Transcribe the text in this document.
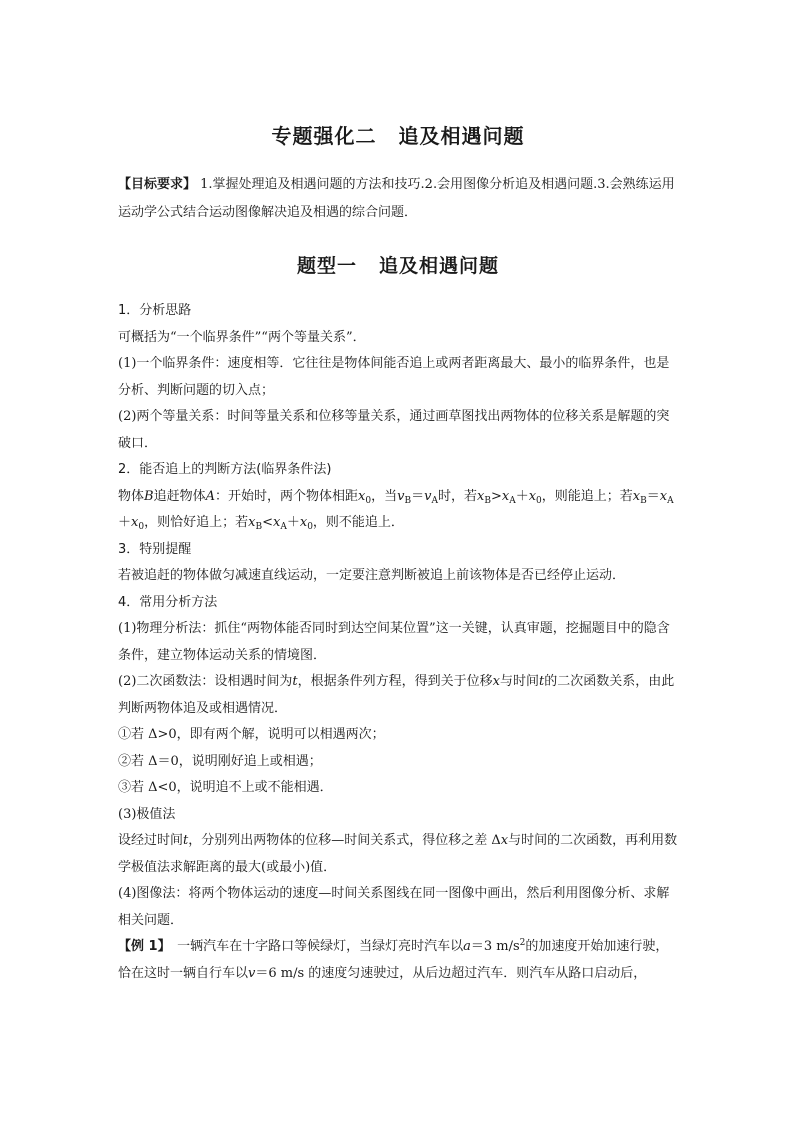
专题强化二 追及相遇问题

【目标要求】 1.掌握处理追及相遇问题的方法和技巧.2.会用图像分析追及相遇问题.3.会熟练运用运动学公式结合运动图像解决追及相遇的综合问题．

题型一 追及相遇问题

1．分析思路

可概括为“一个临界条件”“两个等量关系”．

(1)一个临界条件：速度相等．它往往是物体间能否追上或两者距离最大、最小的临界条件，也是分析、判断问题的切入点；

(2)两个等量关系：时间等量关系和位移等量关系，通过画草图找出两物体的位移关系是解题的突破口．

2．能否追上的判断方法(临界条件法)

物体B追赶物体A：开始时，两个物体相距$x_0$，当$v_B=v_A$时，若$x_B>x_A+x_0$，则能追上；若$x_B=x_A+x_0$，则恰好追上；若$x_B<x_A+x_0$，则不能追上．

3．特别提醒

若被追赶的物体做匀减速直线运动，一定要注意判断被追上前该物体是否已经停止运动．

4．常用分析方法

(1)物理分析法：抓住“两物体能否同时到达空间某位置”这一关键，认真审题，挖掘题目中的隐含条件，建立物体运动关系的情境图．

(2)二次函数法：设相遇时间为t，根据条件列方程，得到关于位移x与时间t的二次函数关系，由此判断两物体追及或相遇情况．

①若 Δ>0，即有两个解，说明可以相遇两次；

②若 Δ＝0，说明刚好追上或相遇；

③若 Δ<0，说明追不上或不能相遇．

(3)极值法

设经过时间t，分别列出两物体的位移—时间关系式，得位移之差 Δx与时间的二次函数，再利用数学极值法求解距离的最大(或最小)值．

(4)图像法：将两个物体运动的速度—时间关系图线在同一图像中画出，然后利用图像分析、求解相关问题．

【例 1】　一辆汽车在十字路口等候绿灯，当绿灯亮时汽车以a＝3 $m/s^2$的加速度开始加速行驶，恰在这时一辆自行车以v＝6 m/s 的速度匀速驶过，从后边超过汽车．则汽车从路口启动后，
